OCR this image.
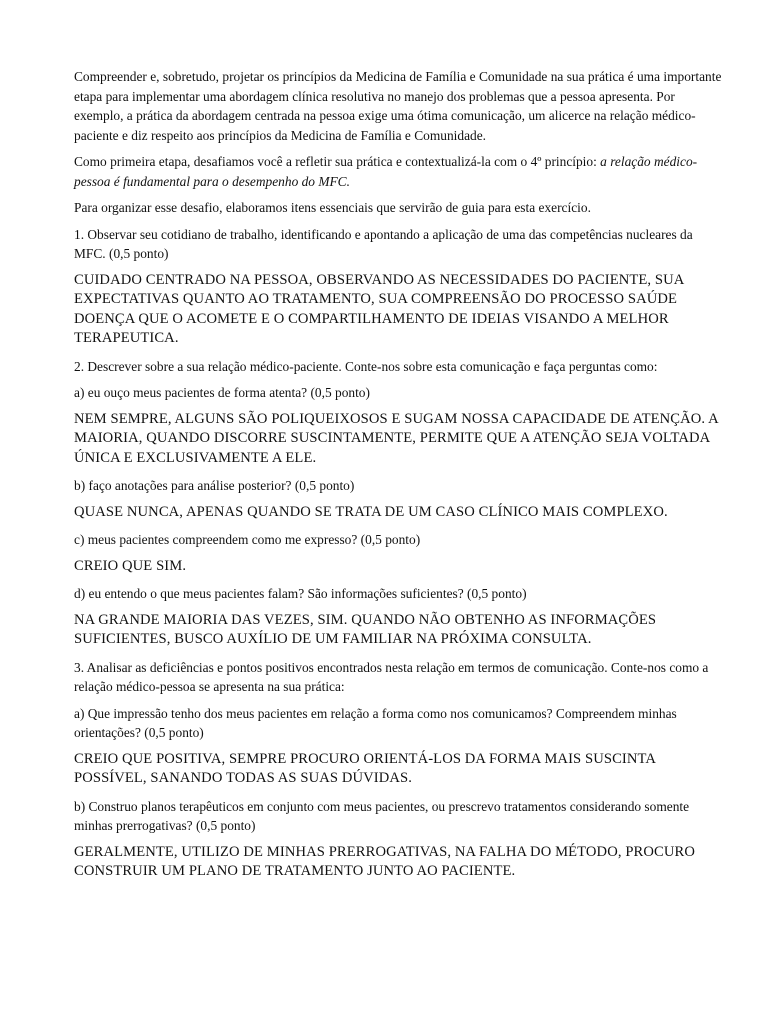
Compreender e, sobretudo, projetar os princípios da Medicina de Família e Comunidade na sua prática é uma importante etapa para implementar uma abordagem clínica resolutiva no manejo dos problemas que a pessoa apresenta. Por exemplo, a prática da abordagem centrada na pessoa exige uma ótima comunicação, um alicerce na relação médico-paciente e diz respeito aos princípios da Medicina de Família e Comunidade.

Como primeira etapa, desafiamos você a refletir sua prática e contextualizá-la com o 4º princípio: a relação médico-pessoa é fundamental para o desempenho do MFC.

Para organizar esse desafio, elaboramos itens essenciais que servirão de guia para esta exercício.

1. Observar seu cotidiano de trabalho, identificando e apontando a aplicação de uma das competências nucleares da MFC. (0,5 ponto)

CUIDADO CENTRADO NA PESSOA, OBSERVANDO AS NECESSIDADES DO PACIENTE, SUA EXPECTATIVAS QUANTO AO TRATAMENTO, SUA COMPREENSÃO DO PROCESSO SAÚDE DOENÇA QUE O ACOMETE E O COMPARTILHAMENTO DE IDEIAS VISANDO A MELHOR TERAPEUTICA.

2. Descrever sobre a sua relação médico-paciente. Conte-nos sobre esta comunicação e faça perguntas como:

a) eu ouço meus pacientes de forma atenta? (0,5 ponto)

NEM SEMPRE, ALGUNS SÃO POLIQUEIXOSOS E SUGAM NOSSA CAPACIDADE DE ATENÇÃO. A MAIORIA, QUANDO DISCORRE SUSCINTAMENTE, PERMITE QUE A ATENÇÃO SEJA VOLTADA ÚNICA E EXCLUSIVAMENTE A ELE.

b) faço anotações para análise posterior? (0,5 ponto)

QUASE NUNCA, APENAS QUANDO SE TRATA DE UM CASO CLÍNICO MAIS COMPLEXO.

c) meus pacientes compreendem como me expresso? (0,5 ponto)

CREIO QUE SIM.

d) eu entendo o que meus pacientes falam? São informações suficientes? (0,5 ponto)

NA GRANDE MAIORIA DAS VEZES, SIM. QUANDO NÃO OBTENHO AS INFORMAÇÕES SUFICIENTES, BUSCO AUXÍLIO DE UM FAMILIAR NA PRÓXIMA CONSULTA.

3. Analisar as deficiências e pontos positivos encontrados nesta relação em termos de comunicação. Conte-nos como a relação médico-pessoa se apresenta na sua prática:

a) Que impressão tenho dos meus pacientes em relação a forma como nos comunicamos? Compreendem minhas orientações? (0,5 ponto)

CREIO QUE POSITIVA, SEMPRE PROCURO ORIENTÁ-LOS DA FORMA MAIS SUSCINTA POSSÍVEL, SANANDO TODAS AS SUAS DÚVIDAS.

b) Construo planos terapêuticos em conjunto com meus pacientes, ou prescrevo tratamentos considerando somente minhas prerrogativas? (0,5 ponto)

GERALMENTE, UTILIZO DE MINHAS PRERROGATIVAS, NA FALHA DO MÉTODO, PROCURO CONSTRUIR UM PLANO DE TRATAMENTO JUNTO AO PACIENTE.
